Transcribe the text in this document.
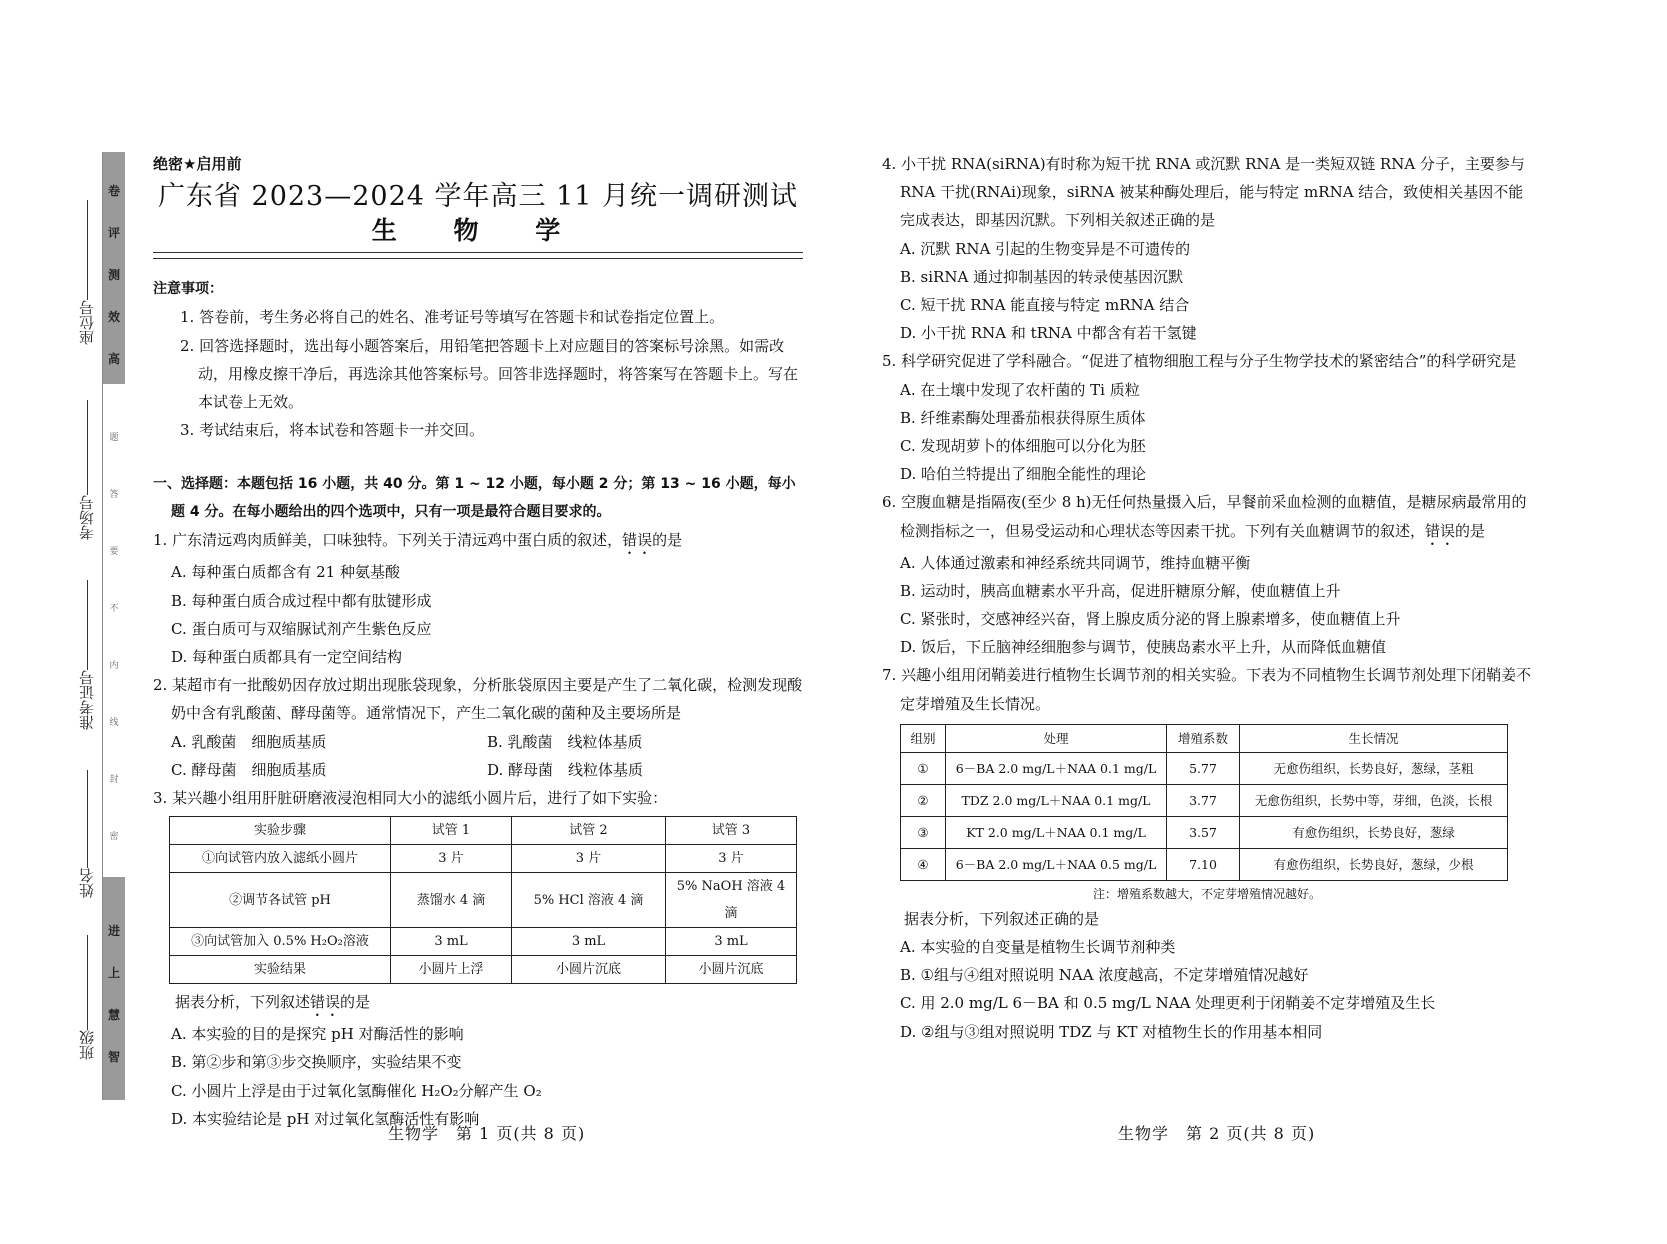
卷
评
测
效
高
题
答
要
不
内
线
封
密
进
上
慧
智
座位号
考场号
准考证号
姓名
班级
绝密★启用前
广东省 2023—2024 学年高三 11 月统一调研测试
生 物 学
注意事项：
1. 答卷前，考生务必将自己的姓名、准考证号等填写在答题卡和试卷指定位置上。
2. 回答选择题时，选出每小题答案后，用铅笔把答题卡上对应题目的答案标号涂黑。如需改动，用橡皮擦干净后，再选涂其他答案标号。回答非选择题时，将答案写在答题卡上。写在本试卷上无效。
3. 考试结束后，将本试卷和答题卡一并交回。
一、选择题：本题包括 16 小题，共 40 分。第 1 ~ 12 小题，每小题 2 分；第 13 ~ 16 小题，每小题 4 分。在每小题给出的四个选项中，只有一项是最符合题目要求的。
1. 广东清远鸡肉质鲜美，口味独特。下列关于清远鸡中蛋白质的叙述，错误的是
A. 每种蛋白质都含有 21 种氨基酸
B. 每种蛋白质合成过程中都有肽键形成
C. 蛋白质可与双缩脲试剂产生紫色反应
D. 每种蛋白质都具有一定空间结构
2. 某超市有一批酸奶因存放过期出现胀袋现象，分析胀袋原因主要是产生了二氧化碳，检测发现酸奶中含有乳酸菌、酵母菌等。通常情况下，产生二氧化碳的菌种及主要场所是
A. 乳酸菌　细胞质基质	B. 乳酸菌　线粒体基质
C. 酵母菌　细胞质基质	D. 酵母菌　线粒体基质
3. 某兴趣小组用肝脏研磨液浸泡相同大小的滤纸小圆片后，进行了如下实验：
实验步骤	试管 1	试管 2	试管 3
①向试管内放入滤纸小圆片	3 片	3 片	3 片
②调节各试管 pH	蒸馏水 4 滴	5% HCl 溶液 4 滴	5% NaOH 溶液 4 滴
③向试管加入 0.5% H₂O₂溶液	3 mL	3 mL	3 mL
实验结果	小圆片上浮	小圆片沉底	小圆片沉底
据表分析，下列叙述错误的是
A. 本实验的目的是探究 pH 对酶活性的影响
B. 第②步和第③步交换顺序，实验结果不变
C. 小圆片上浮是由于过氧化氢酶催化 H₂O₂分解产生 O₂
D. 本实验结论是 pH 对过氧化氢酶活性有影响
4. 小干扰 RNA(siRNA)有时称为短干扰 RNA 或沉默 RNA 是一类短双链 RNA 分子，主要参与 RNA 干扰(RNAi)现象，siRNA 被某种酶处理后，能与特定 mRNA 结合，致使相关基因不能完成表达，即基因沉默。下列相关叙述正确的是
A. 沉默 RNA 引起的生物变异是不可遗传的
B. siRNA 通过抑制基因的转录使基因沉默
C. 短干扰 RNA 能直接与特定 mRNA 结合
D. 小干扰 RNA 和 tRNA 中都含有若干氢键
5. 科学研究促进了学科融合。“促进了植物细胞工程与分子生物学技术的紧密结合”的科学研究是
A. 在土壤中发现了农杆菌的 Ti 质粒
B. 纤维素酶处理番茄根获得原生质体
C. 发现胡萝卜的体细胞可以分化为胚
D. 哈伯兰特提出了细胞全能性的理论
6. 空腹血糖是指隔夜(至少 8 h)无任何热量摄入后，早餐前采血检测的血糖值，是糖尿病最常用的检测指标之一，但易受运动和心理状态等因素干扰。下列有关血糖调节的叙述，错误的是
A. 人体通过激素和神经系统共同调节，维持血糖平衡
B. 运动时，胰高血糖素水平升高，促进肝糖原分解，使血糖值上升
C. 紧张时，交感神经兴奋，肾上腺皮质分泌的肾上腺素增多，使血糖值上升
D. 饭后，下丘脑神经细胞参与调节，使胰岛素水平上升，从而降低血糖值
7. 兴趣小组用闭鞘姜进行植物生长调节剂的相关实验。下表为不同植物生长调节剂处理下闭鞘姜不定芽增殖及生长情况。
组别	处理	增殖系数	生长情况
①	6－BA 2.0 mg/L＋NAA 0.1 mg/L	5.77	无愈伤组织，长势良好，葱绿，茎粗
②	TDZ 2.0 mg/L＋NAA 0.1 mg/L	3.77	无愈伤组织，长势中等，芽细，色淡，长根
③	KT 2.0 mg/L＋NAA 0.1 mg/L	3.57	有愈伤组织，长势良好，葱绿
④	6－BA 2.0 mg/L＋NAA 0.5 mg/L	7.10	有愈伤组织，长势良好，葱绿，少根
注：增殖系数越大，不定芽增殖情况越好。
据表分析，下列叙述正确的是
A. 本实验的自变量是植物生长调节剂种类
B. ①组与④组对照说明 NAA 浓度越高，不定芽增殖情况越好
C. 用 2.0 mg/L 6－BA 和 0.5 mg/L NAA 处理更利于闭鞘姜不定芽增殖及生长
D. ②组与③组对照说明 TDZ 与 KT 对植物生长的作用基本相同
生物学　第 1 页(共 8 页)	生物学　第 2 页(共 8 页)
